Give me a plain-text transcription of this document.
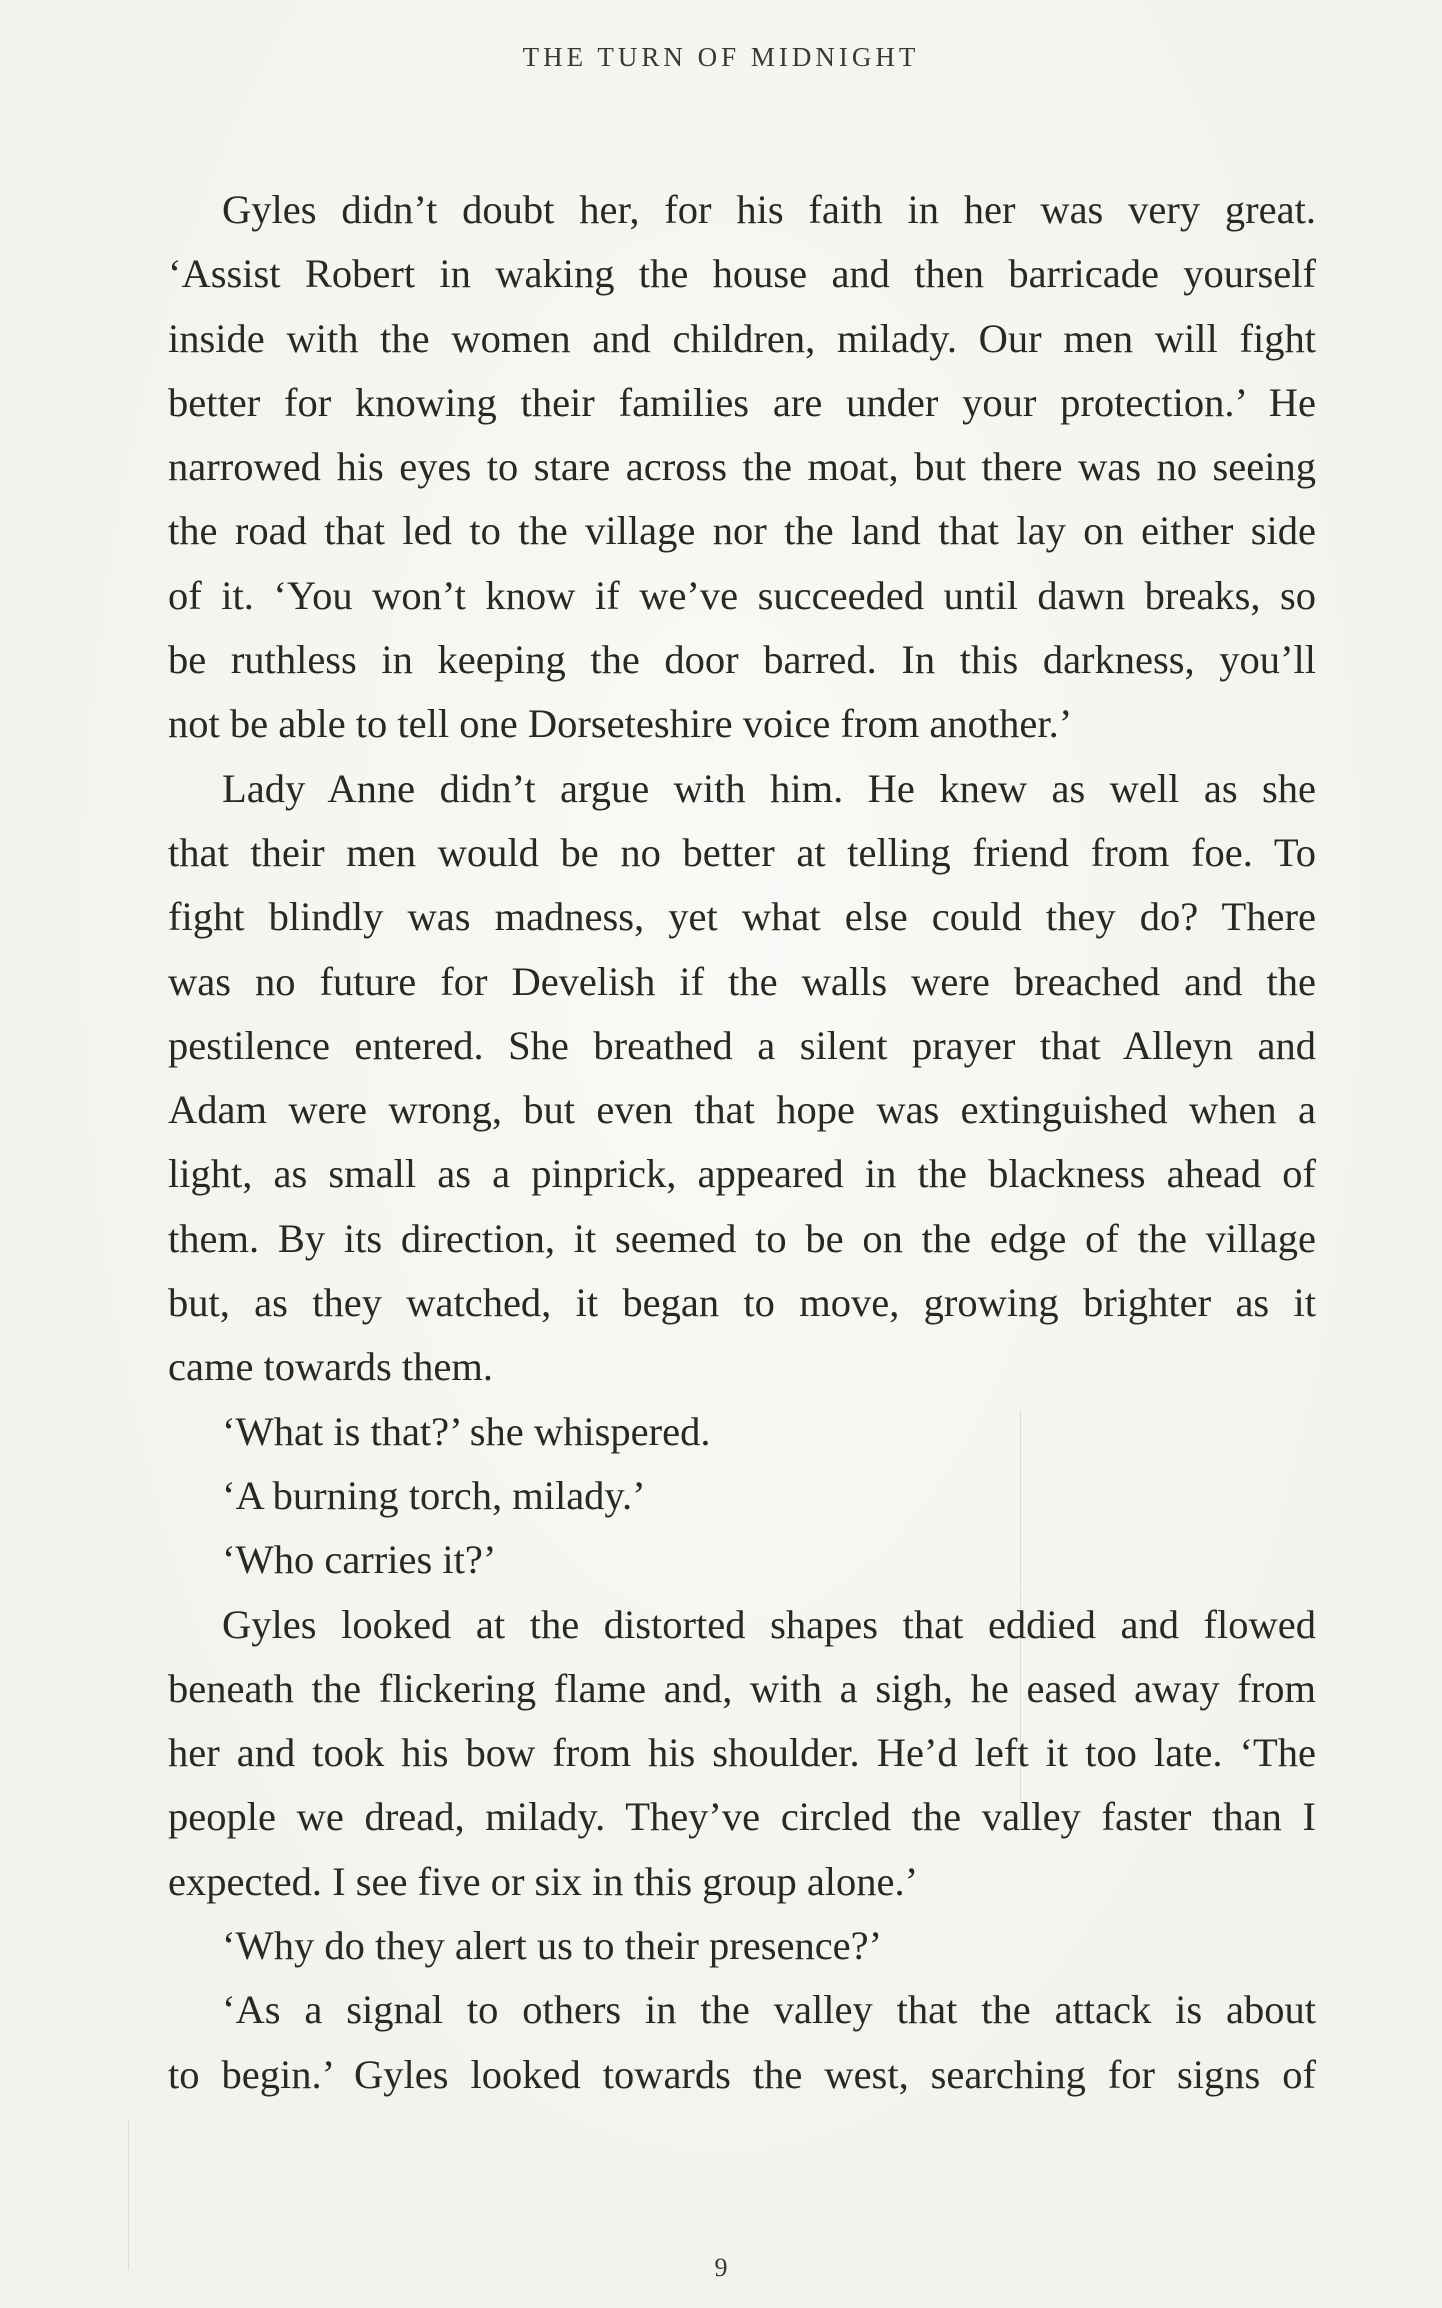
THE TURN OF MIDNIGHT
Gyles didn’t doubt her, for his faith in her was very great.
‘Assist Robert in waking the house and then barricade yourself
inside with the women and children, milady. Our men will fight
better for knowing their families are under your protection.’ He
narrowed his eyes to stare across the moat, but there was no seeing
the road that led to the village nor the land that lay on either side
of it. ‘You won’t know if we’ve succeeded until dawn breaks, so
be ruthless in keeping the door barred. In this darkness, you’ll
not be able to tell one Dorseteshire voice from another.’
Lady Anne didn’t argue with him. He knew as well as she
that their men would be no better at telling friend from foe. To
fight blindly was madness, yet what else could they do? There
was no future for Develish if the walls were breached and the
pestilence entered. She breathed a silent prayer that Alleyn and
Adam were wrong, but even that hope was extinguished when a
light, as small as a pinprick, appeared in the blackness ahead of
them. By its direction, it seemed to be on the edge of the village
but, as they watched, it began to move, growing brighter as it
came towards them.
‘What is that?’ she whispered.
‘A burning torch, milady.’
‘Who carries it?’
Gyles looked at the distorted shapes that eddied and flowed
beneath the flickering flame and, with a sigh, he eased away from
her and took his bow from his shoulder. He’d left it too late. ‘The
people we dread, milady. They’ve circled the valley faster than I
expected. I see five or six in this group alone.’
‘Why do they alert us to their presence?’
‘As a signal to others in the valley that the attack is about
to begin.’ Gyles looked towards the west, searching for signs of
9
